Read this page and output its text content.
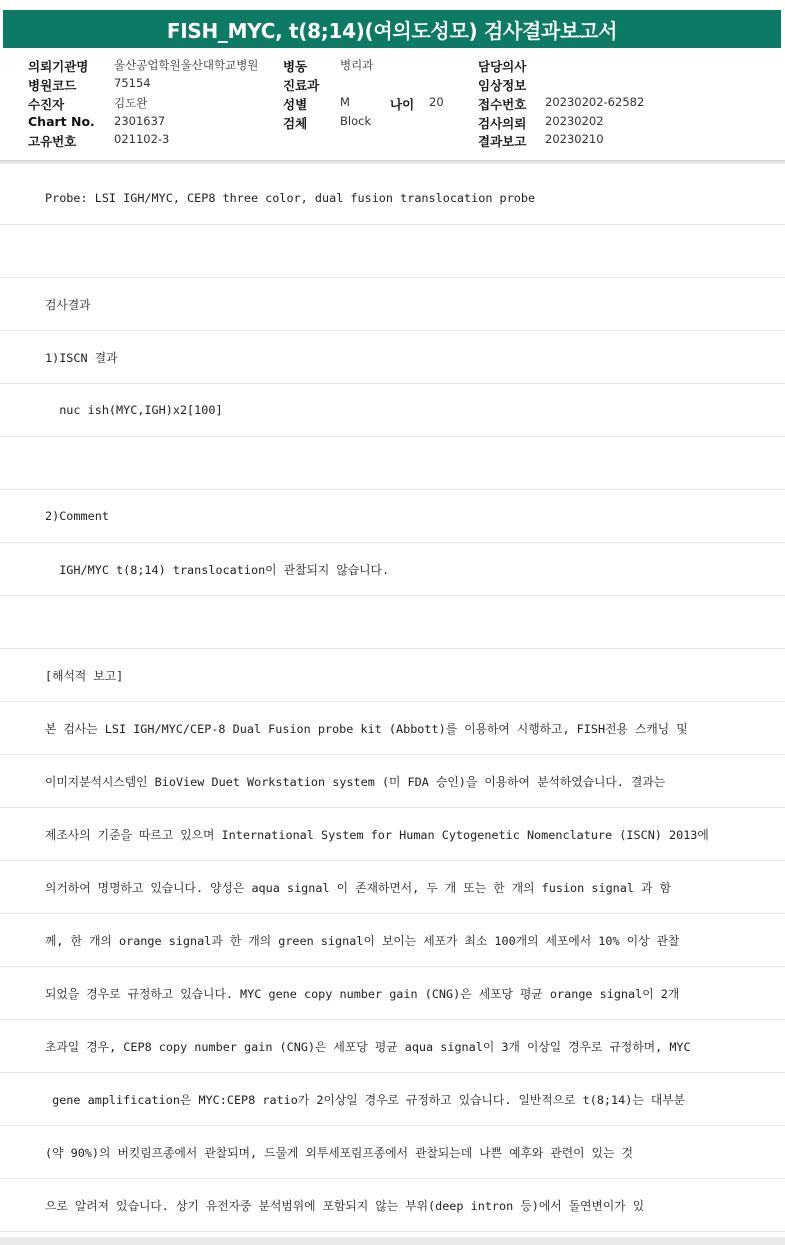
FISH_MYC, t(8;14)(여의도성모) 검사결과보고서
의뢰기관명 울산공업학원울산대학교병원 병동	병리과	담당의사
병원코드	75154	진료과	임상정보
수진자	김도완	성별	M	나이 20	접수번호 20230202-62582
Chart No. 2301637	검체	Block	검사의뢰 20230202
고유번호	021102-3	결과보고 20230210
Probe: LSI IGH/MYC, CEP8 three color, dual fusion translocation probe
검사결과
1)ISCN 결과
nuc ish(MYC,IGH)x2[100]
2)Comment
IGH/MYC t(8;14) translocation이 관찰되지 않습니다.
[해석적 보고]
본 검사는 LSI IGH/MYC/CEP-8 Dual Fusion probe kit (Abbott)를 이용하여 시행하고, FISH전용 스캐닝 및
이미지분석시스템인 BioView Duet Workstation system (미 FDA 승인)을 이용하여 분석하였습니다. 결과는
제조사의 기준을 따르고 있으며 International System for Human Cytogenetic Nomenclature (ISCN) 2013에
의거하여 명명하고 있습니다. 양성은 aqua signal 이 존재하면서, 두 개 또는 한 개의 fusion signal 과 함
께, 한 개의 orange signal과 한 개의 green signal이 보이는 세포가 최소 100개의 세포에서 10% 이상 관찰
되었을 경우로 규정하고 있습니다. MYC gene copy number gain (CNG)은 세포당 평균 orange signal이 2개
초과일 경우, CEP8 copy number gain (CNG)은 세포당 평균 aqua signal이 3개 이상일 경우로 규정하며, MYC
gene amplification은 MYC:CEP8 ratio가 2이상일 경우로 규정하고 있습니다. 일반적으로 t(8;14)는 대부분
(약 90%)의 버킷림프종에서 관찰되며, 드물게 외투세포림프종에서 관찰되는데 나쁜 예후와 관련이 있는 것
으로 알려져 있습니다. 상기 유전자중 분석범위에 포함되지 않는 부위(deep intron 등)에서 돌연변이가 있
